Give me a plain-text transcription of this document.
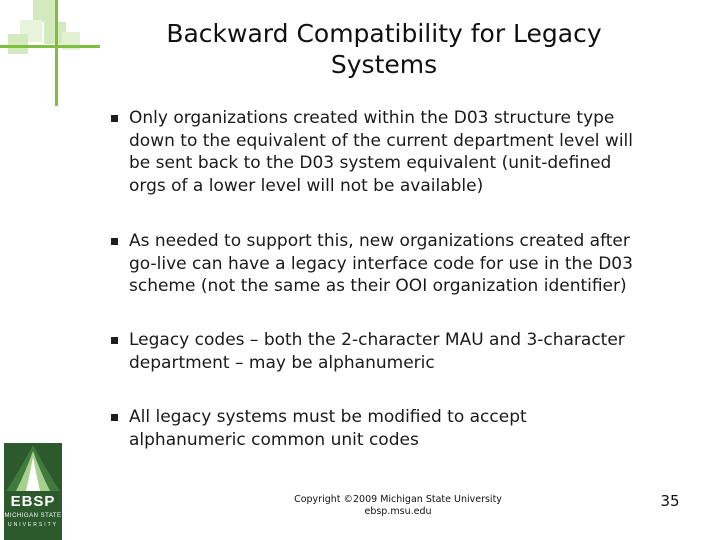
Backward Compatibility for Legacy Systems
Only organizations created within the D03 structure type
down to the equivalent of the current department level will
be sent back to the D03 system equivalent (unit-defined
orgs of a lower level will not be available)
As needed to support this, new organizations created after
go-live can have a legacy interface code for use in the D03
scheme (not the same as their OOI organization identifier)
Legacy codes – both the 2-character MAU and 3-character
department – may be alphanumeric
All legacy systems must be modified to accept
alphanumeric common unit codes
EBSP
MICHIGAN STATE
UNIVERSITY
Copyright ©2009 Michigan State University
ebsp.msu.edu
35
